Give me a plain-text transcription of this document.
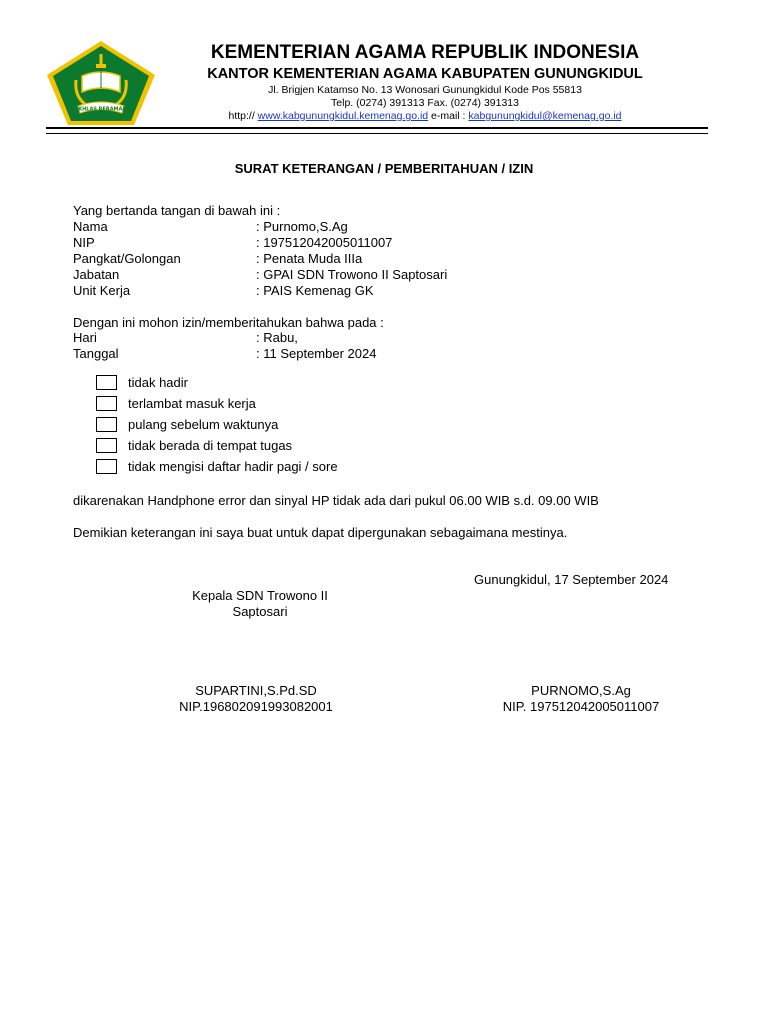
IKHLAS BERAMAL
KEMENTERIAN AGAMA REPUBLIK INDONESIA
KANTOR KEMENTERIAN AGAMA KABUPATEN GUNUNGKIDUL
Jl. Brigjen Katamso No. 13 Wonosari Gunungkidul Kode Pos 55813
Telp. (0274) 391313 Fax. (0274) 391313
http:// www.kabgunungkidul.kemenag.go.id e-mail : kabgunungkidul@kemenag.go.id
SURAT KETERANGAN / PEMBERITAHUAN / IZIN
Yang bertanda tangan di bawah ini :
Nama	: Purnomo,S.Ag
NIP	: 197512042005011007
Pangkat/Golongan	: Penata Muda IIIa
Jabatan	: GPAI SDN Trowono II Saptosari
Unit Kerja	: PAIS Kemenag GK
Dengan ini mohon izin/memberitahukan bahwa pada :
Hari	: Rabu,
Tanggal	: 11 September 2024
tidak hadir
terlambat masuk kerja
pulang sebelum waktunya
tidak berada di tempat tugas
tidak mengisi daftar hadir pagi / sore
dikarenakan Handphone error dan sinyal HP tidak ada dari pukul 06.00 WIB s.d. 09.00 WIB
Demikian keterangan ini saya buat untuk dapat dipergunakan sebagaimana mestinya.
Gunungkidul, 17 September 2024
Kepala SDN Trowono II
Saptosari
SUPARTINI,S.Pd.SD
NIP.196802091993082001
PURNOMO,S.Ag
NIP. 197512042005011007
